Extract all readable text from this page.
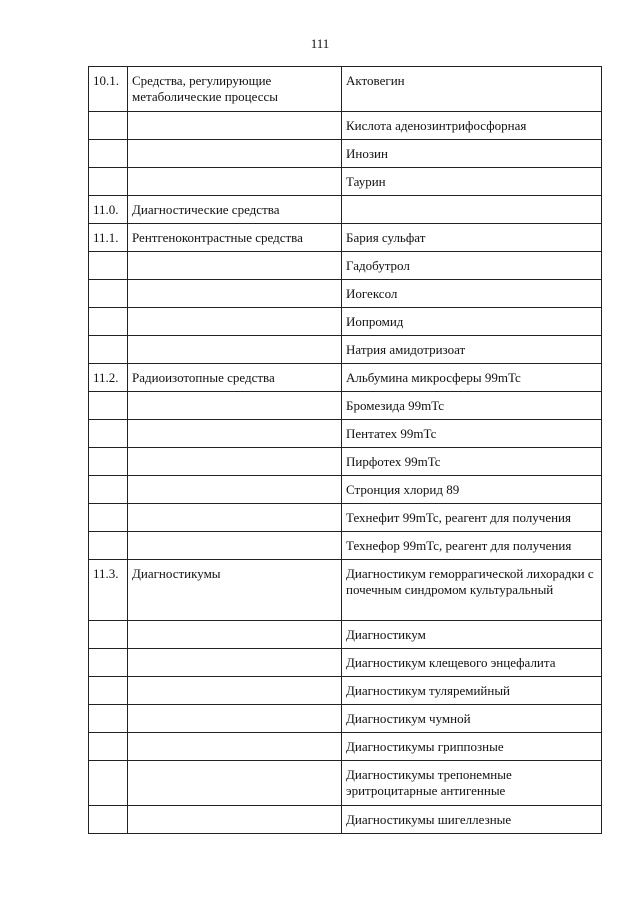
111
10.1.	Средства, регулирующие метаболические процессы	Актовегин
		Кислота аденозинтрифосфорная
		Инозин
		Таурин
11.0.	Диагностические средства	
11.1.	Рентгеноконтрастные средства	Бария сульфат
		Гадобутрол
		Иогексол
		Иопромид
		Натрия амидотризоат
11.2.	Радиоизотопные средства	Альбумина микросферы 99mTc
		Бромезида 99mTc
		Пентатех 99mTc
		Пирфотех 99mTc
		Стронция хлорид 89
		Технефит 99mTc, реагент для получения
		Технефор 99mTc, реагент для получения
11.3.	Диагностикумы	Диагностикум геморрагической лихорадки с почечным синдромом культуральный
		Диагностикум
		Диагностикум клещевого энцефалита
		Диагностикум туляремийный
		Диагностикум чумной
		Диагностикумы гриппозные
		Диагностикумы трепонемные эритроцитарные антигенные
		Диагностикумы шигеллезные
